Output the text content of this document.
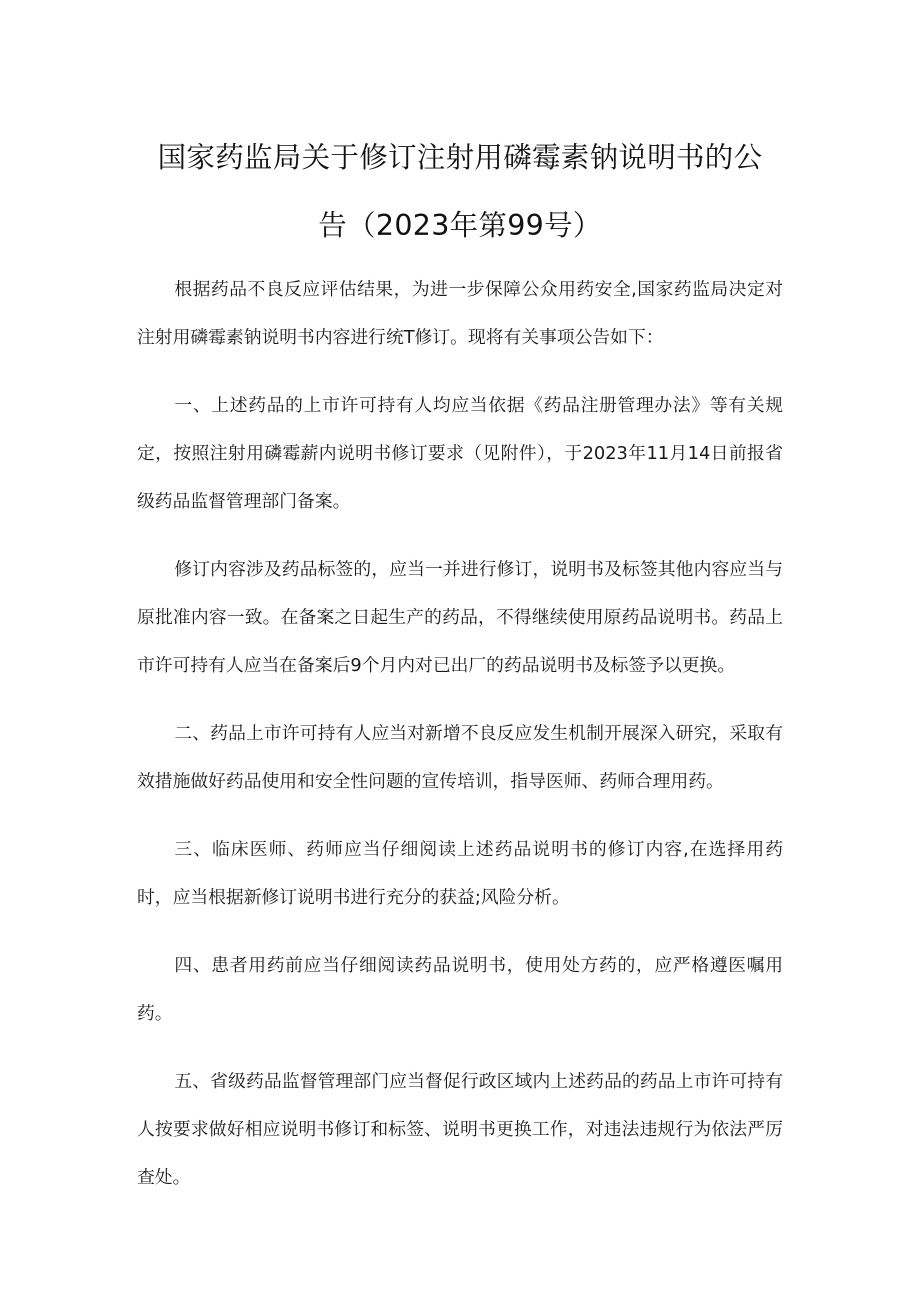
国家药监局关于修订注射用磷霉素钠说明书的公
告（2023年第99号）

根据药品不良反应评估结果，为进一步保障公众用药安全,国家药监局决定对注射用磷霉素钠说明书内容进行统T修订。现将有关事项公告如下：

一、上述药品的上市许可持有人均应当依据《药品注册管理办法》等有关规定，按照注射用磷霉薪内说明书修订要求（见附件），于2023年11月14日前报省级药品监督管理部门备案。

修订内容涉及药品标签的，应当一并进行修订，说明书及标签其他内容应当与原批准内容一致。在备案之日起生产的药品，不得继续使用原药品说明书。药品上市许可持有人应当在备案后9个月内对已出厂的药品说明书及标签予以更换。

二、药品上市许可持有人应当对新增不良反应发生机制开展深入研究，采取有效措施做好药品使用和安全性问题的宣传培训，指导医师、药师合理用药。

三、临床医师、药师应当仔细阅读上述药品说明书的修订内容,在选择用药时，应当根据新修订说明书进行充分的获益;风险分析。

四、患者用药前应当仔细阅读药品说明书，使用处方药的，应严格遵医嘱用药。

五、省级药品监督管理部门应当督促行政区域内上述药品的药品上市许可持有人按要求做好相应说明书修订和标签、说明书更换工作，对违法违规行为依法严厉查处。
